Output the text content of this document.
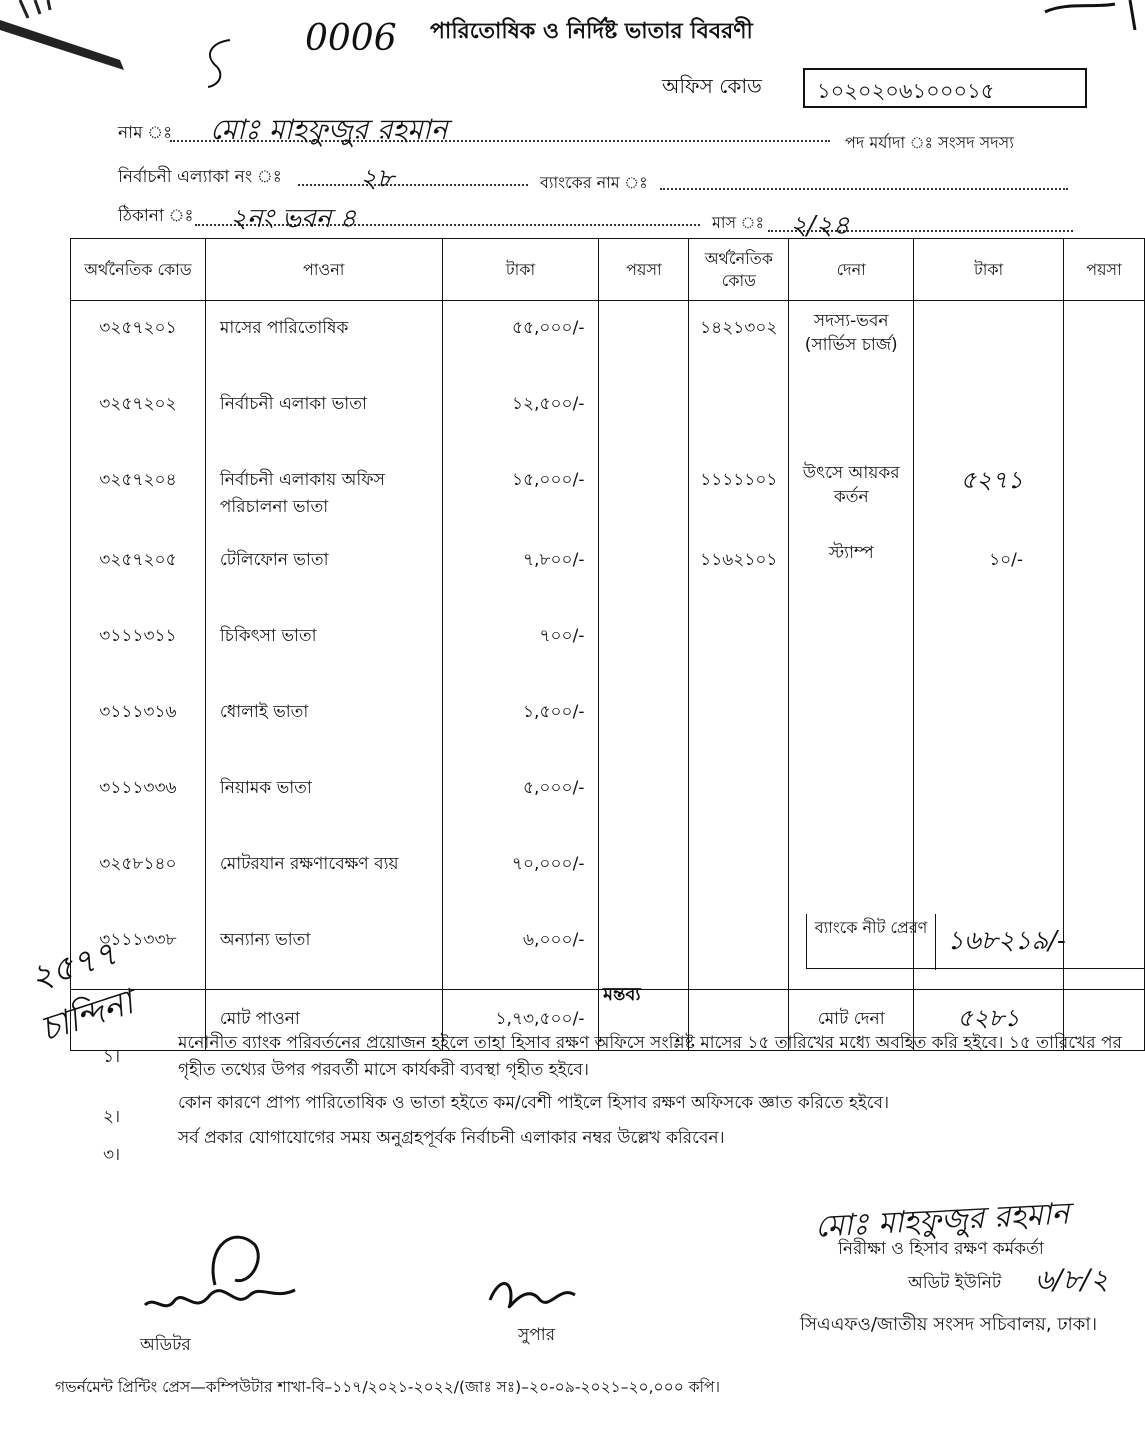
0006 পারিতোষিক ও নির্দিষ্ট ভাতার বিবরণী
অফিস কোড	১০২০২০৬১০০০১৫
নাম ঃ মোঃ মাহফুজুর রহমান	পদ মর্যাদা ঃ সংসদ সদস্য
নির্বাচনী এল্যাকা নং ঃ	২৮	ব্যাংকের নাম ঃ
ঠিকানা ঃ ২নং ভবন ৪	মাস ঃ ২/২৪
অর্থনৈতিক কোড	পাওনা	টাকা	পয়সা	অর্থনৈতিক কোড	দেনা	টাকা	পয়সা
৩২৫৭২০১	মাসের পারিতোষিক	৫৫,০০০/-		১৪২১৩০২	সদস্য-ভবন (সার্ভিস চার্জ)		
৩২৫৭২০২	নির্বাচনী এলাকা ভাতা	১২,৫০০/-					
৩২৫৭২০৪	নির্বাচনী এলাকায় অফিস পরিচালনা ভাতা	১৫,০০০/-		১১১১১০১	উৎসে আয়কর কর্তন	৫২৭১	
৩২৫৭২০৫	টেলিফোন ভাতা	৭,৮০০/-		১১৬২১০১	স্ট্যাম্প	১০/-	
৩১১১৩১১	চিকিৎসা ভাতা	৭০০/-					
৩১১১৩১৬	ধোলাই ভাতা	১,৫০০/-					
৩১১১৩৩৬	নিয়ামক ভাতা	৫,০০০/-					
৩২৫৮১৪০	মোটরযান রক্ষণাবেক্ষণ ব্যয়	৭০,০০০/-					
৩১১১৩৩৮	অন্যান্য ভাতা	৬,০০০/-					
	মোট পাওনা	১,৭৩,৫০০/-			মোট দেনা	৫২৮১	
ব্যাংকে নীট প্রেরণ ১৬৮২১৯/-
২৫৭৭
চান্দিনা	মন্তব্য
১।
মনোনীত ব্যাংক পরিবর্তনের প্রয়োজন হইলে তাহা হিসাব রক্ষণ অফিসে সংশ্লিষ্ট মাসের ১৫ তারিখের মধ্যে অবহিত করি হইবে। ১৫ তারিখের পর গৃহীত তথ্যের উপর পরবর্তী মাসে কার্যকরী ব্যবস্থা গৃহীত হইবে।
২।
কোন কারণে প্রাপ্য পারিতোষিক ও ভাতা হইতে কম/বেশী পাইলে হিসাব রক্ষণ অফিসকে জ্ঞাত করিতে হইবে।
৩।
সর্ব প্রকার যোগাযোগের সময় অনুগ্রহপূর্বক নির্বাচনী এলাকার নম্বর উল্লেখ করিবেন।
মোঃ মাহফুজুর রহমান
নিরীক্ষা ও হিসাব রক্ষণ কর্মকর্তা
অডিট ইউনিট ৬/৮/২
সিএএফও/জাতীয় সংসদ সচিবালয়, ঢাকা।
অডিটর	সুপার
গভর্নমেন্ট প্রিন্টিং প্রেস—কম্পিউটার শাখা-বি–১১৭/২০২১-২০২২/(জাঃ সঃ)–২০-০৯-২০২১–২০,০০০ কপি।
